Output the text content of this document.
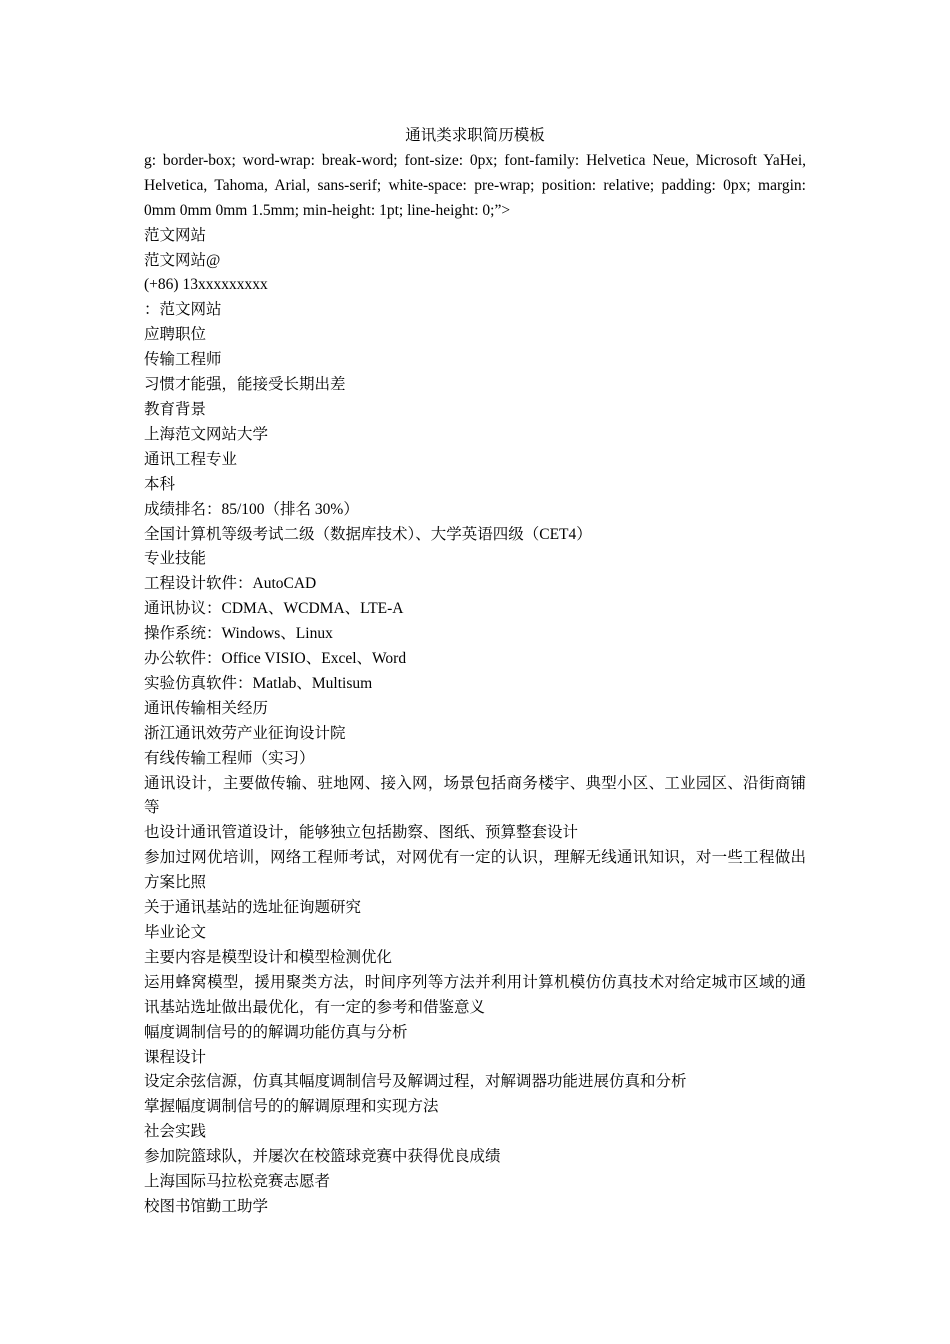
通讯类求职简历模板

g: border-box; word-wrap: break-word; font-size: 0px; font-family: Helvetica Neue, Microsoft YaHei, Helvetica, Tahoma, Arial, sans-serif; white-space: pre-wrap; position: relative; padding: 0px; margin: 0mm 0mm 0mm 1.5mm; min-height: 1pt; line-height: 0;”>

范文网站

范文网站@

(+86) 13xxxxxxxxx

：范文网站

应聘职位

传输工程师

习惯才能强，能接受长期出差

教育背景

上海范文网站大学

通讯工程专业

本科

成绩排名：85/100（排名 30%）

全国计算机等级考试二级（数据库技术）、大学英语四级（CET4）

专业技能

工程设计软件：AutoCAD

通讯协议：CDMA、WCDMA、LTE-A

操作系统：Windows、Linux

办公软件：Office VISIO、Excel、Word

实验仿真软件：Matlab、Multisum

通讯传输相关经历

浙江通讯效劳产业征询设计院

有线传输工程师（实习）

通讯设计，主要做传输、驻地网、接入网，场景包括商务楼宇、典型小区、工业园区、沿街商铺等

也设计通讯管道设计，能够独立包括勘察、图纸、预算整套设计

参加过网优培训，网络工程师考试，对网优有一定的认识，理解无线通讯知识，对一些工程做出方案比照

关于通讯基站的选址征询题研究

毕业论文

主要内容是模型设计和模型检测优化

运用蜂窝模型，援用聚类方法，时间序列等方法并利用计算机模仿仿真技术对给定城市区域的通讯基站选址做出最优化，有一定的参考和借鉴意义

幅度调制信号的的解调功能仿真与分析

课程设计

设定余弦信源，仿真其幅度调制信号及解调过程，对解调器功能进展仿真和分析

掌握幅度调制信号的的解调原理和实现方法

社会实践

参加院篮球队，并屡次在校篮球竞赛中获得优良成绩

上海国际马拉松竞赛志愿者

校图书馆勤工助学
